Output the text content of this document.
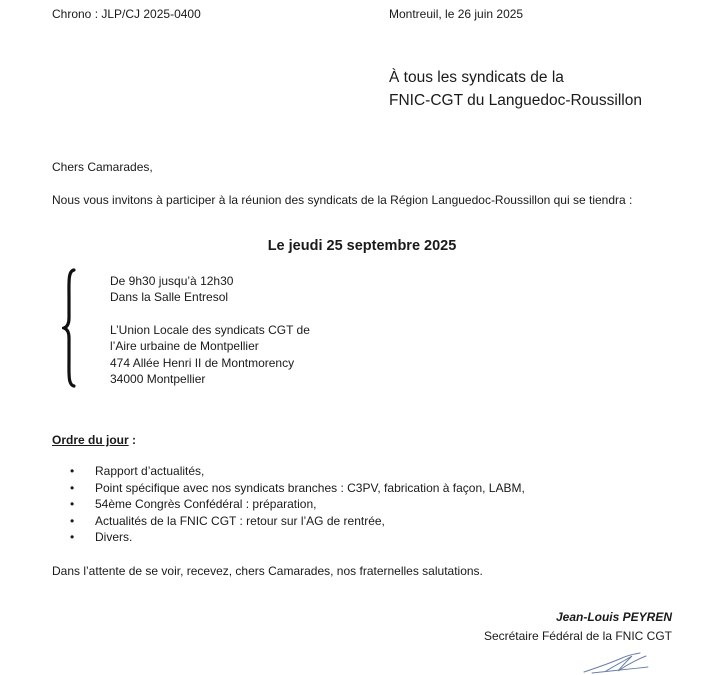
Chrono : JLP/CJ 2025-0400	Montreuil, le 26 juin 2025
À tous les syndicats de la
FNIC-CGT du Languedoc-Roussillon
Chers Camarades,
Nous vous invitons à participer à la réunion des syndicats de la Région Languedoc-Roussillon qui se tiendra :
Le jeudi 25 septembre 2025
De 9h30 jusqu’à 12h30
Dans la Salle Entresol
L’Union Locale des syndicats CGT de
l’Aire urbaine de Montpellier
474 Allée Henri II de Montmorency
34000 Montpellier
Ordre du jour :
• Rapport d’actualités,
• Point spécifique avec nos syndicats branches : C3PV, fabrication à façon, LABM,
• 54ème Congrès Confédéral : préparation,
• Actualités de la FNIC CGT : retour sur l’AG de rentrée,
• Divers.
Dans l’attente de se voir, recevez, chers Camarades, nos fraternelles salutations.
Jean-Louis PEYREN
Secrétaire Fédéral de la FNIC CGT
